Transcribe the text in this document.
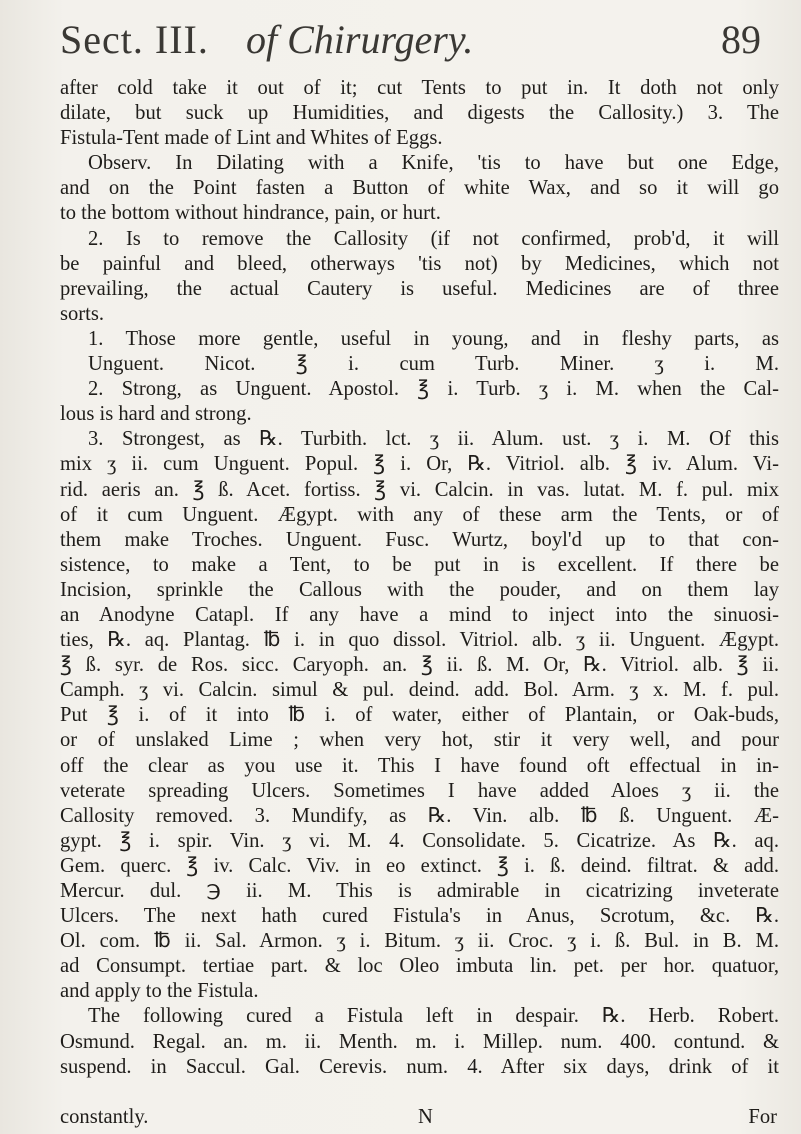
Sect. III. of Chirurgery.	89
after cold take it out of it; cut Tents to put in. It doth not only
dilate, but suck up Humidities, and digests the Callosity.) 3. The
Fistula-Tent made of Lint and Whites of Eggs.
Observ. In Dilating with a Knife, 'tis to have but one Edge,
and on the Point fasten a Button of white Wax, and so it will go
to the bottom without hindrance, pain, or hurt.
2. Is to remove the Callosity (if not confirmed, prob'd, it will
be painful and bleed, otherways 'tis not) by Medicines, which not
prevailing, the actual Cautery is useful. Medicines are of three
sorts.
1. Those more gentle, useful in young, and in fleshy parts, as
Unguent. Nicot. ℥ i. cum Turb. Miner. ʒ i. M.
2. Strong, as Unguent. Apostol. ℥ i. Turb. ʒ i. M. when the Cal-
lous is hard and strong.
3. Strongest, as ℞. Turbith. lct. ʒ ii. Alum. ust. ʒ i. M. Of this
mix ʒ ii. cum Unguent. Popul. ℥ i. Or, ℞. Vitriol. alb. ℥ iv. Alum. Vi-
rid. aeris an. ℥ ß. Acet. fortiss. ℥ vi. Calcin. in vas. lutat. M. f. pul. mix
of it cum Unguent. Ægypt. with any of these arm the Tents, or of
them make Troches. Unguent. Fusc. Wurtz, boyl'd up to that con-
sistence, to make a Tent, to be put in is excellent. If there be
Incision, sprinkle the Callous with the pouder, and on them lay
an Anodyne Catapl. If any have a mind to inject into the sinuosi-
ties, ℞. aq. Plantag. ℔ i. in quo dissol. Vitriol. alb. ʒ ii. Unguent. Ægypt.
℥ ß. syr. de Ros. sicc. Caryoph. an. ℥ ii. ß. M. Or, ℞. Vitriol. alb. ℥ ii.
Camph. ʒ vi. Calcin. simul & pul. deind. add. Bol. Arm. ʒ x. M. f. pul.
Put ℥ i. of it into ℔ i. of water, either of Plantain, or Oak-buds,
or of unslaked Lime ; when very hot, stir it very well, and pour
off the clear as you use it. This I have found oft effectual in in-
veterate spreading Ulcers. Sometimes I have added Aloes ʒ ii. the
Callosity removed. 3. Mundify, as ℞. Vin. alb. ℔ ß. Unguent. Æ-
gypt. ℥ i. spir. Vin. ʒ vi. M. 4. Consolidate. 5. Cicatrize. As ℞. aq.
Gem. querc. ℥ iv. Calc. Viv. in eo extinct. ℥ i. ß. deind. filtrat. & add.
Mercur. dul. ℈ ii. M. This is admirable in cicatrizing inveterate
Ulcers. The next hath cured Fistula's in Anus, Scrotum, &c. ℞.
Ol. com. ℔ ii. Sal. Armon. ʒ i. Bitum. ʒ ii. Croc. ʒ i. ß. Bul. in B. M.
ad Consumpt. tertiae part. & loc Oleo imbuta lin. pet. per hor. quatuor,
and apply to the Fistula.
The following cured a Fistula left in despair. ℞. Herb. Robert.
Osmund. Regal. an. m. ii. Menth. m. i. Millep. num. 400. contund. &
suspend. in Saccul. Gal. Cerevis. num. 4. After six days, drink of it
constantly.	N	For
